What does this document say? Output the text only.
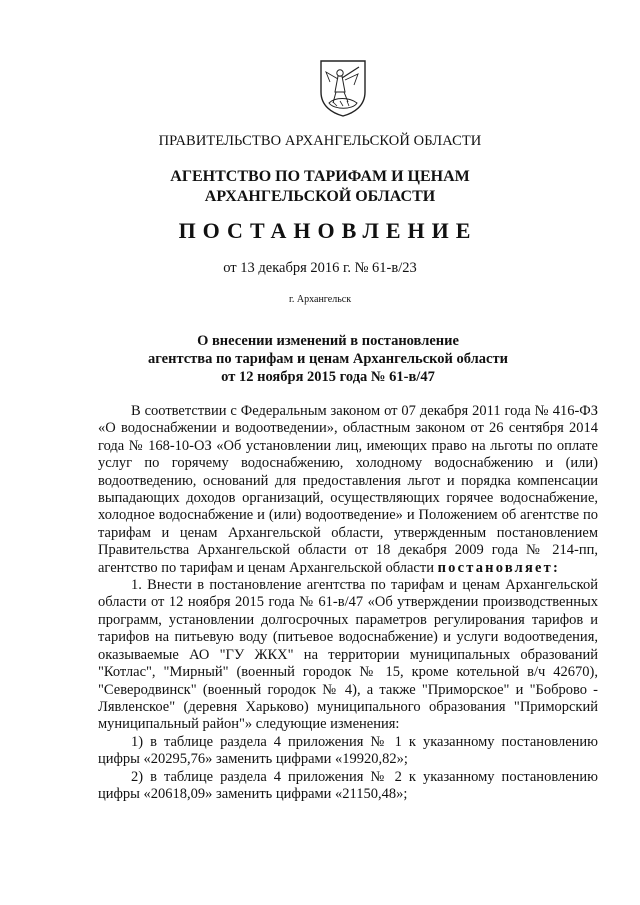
ПРАВИТЕЛЬСТВО АРХАНГЕЛЬСКОЙ ОБЛАСТИ
АГЕНТСТВО ПО ТАРИФАМ И ЦЕНАМ
АРХАНГЕЛЬСКОЙ ОБЛАСТИ
ПОСТАНОВЛЕНИЕ
от 13 декабря 2016 г. № 61-в/23
г. Архангельск
О внесении изменений в постановление
агентства по тарифам и ценам Архангельской области
от 12 ноября 2015 года № 61-в/47

В соответствии с Федеральным законом от 07 декабря 2011 года № 416-ФЗ «О водоснабжении и водоотведении», областным законом от 26 сентября 2014 года № 168-10-ОЗ «Об установлении лиц, имеющих право на льготы по оплате услуг по горячему водоснабжению, холодному водоснабжению и (или) водоотведению, оснований для предоставления льгот и порядка компенсации выпадающих доходов организаций, осуществляющих горячее водоснабжение, холодное водоснабжение и (или) водоотведение» и Положением об агентстве по тарифам и ценам Архангельской области, утвержденным постановлением Правительства Архангельской области от 18 декабря 2009 года № 214-пп, агентство по тарифам и ценам Архангельской области постановляет:

1. Внести в постановление агентства по тарифам и ценам Архангельской области от 12 ноября 2015 года № 61-в/47 «Об утверждении производственных программ, установлении долгосрочных параметров регулирования тарифов и тарифов на питьевую воду (питьевое водоснабжение) и услуги водоотведения, оказываемые АО "ГУ ЖКХ" на территории муниципальных образований "Котлас", "Мирный" (военный городок № 15, кроме котельной в/ч 42670), "Северодвинск" (военный городок № 4), а также "Приморское" и "Боброво - Лявленское" (деревня Харьково) муниципального образования "Приморский муниципальный район"» следующие изменения:

1) в таблице раздела 4 приложения № 1 к указанному постановлению цифры «20295,76» заменить цифрами «19920,82»;

2) в таблице раздела 4 приложения № 2 к указанному постановлению цифры «20618,09» заменить цифрами «21150,48»;
